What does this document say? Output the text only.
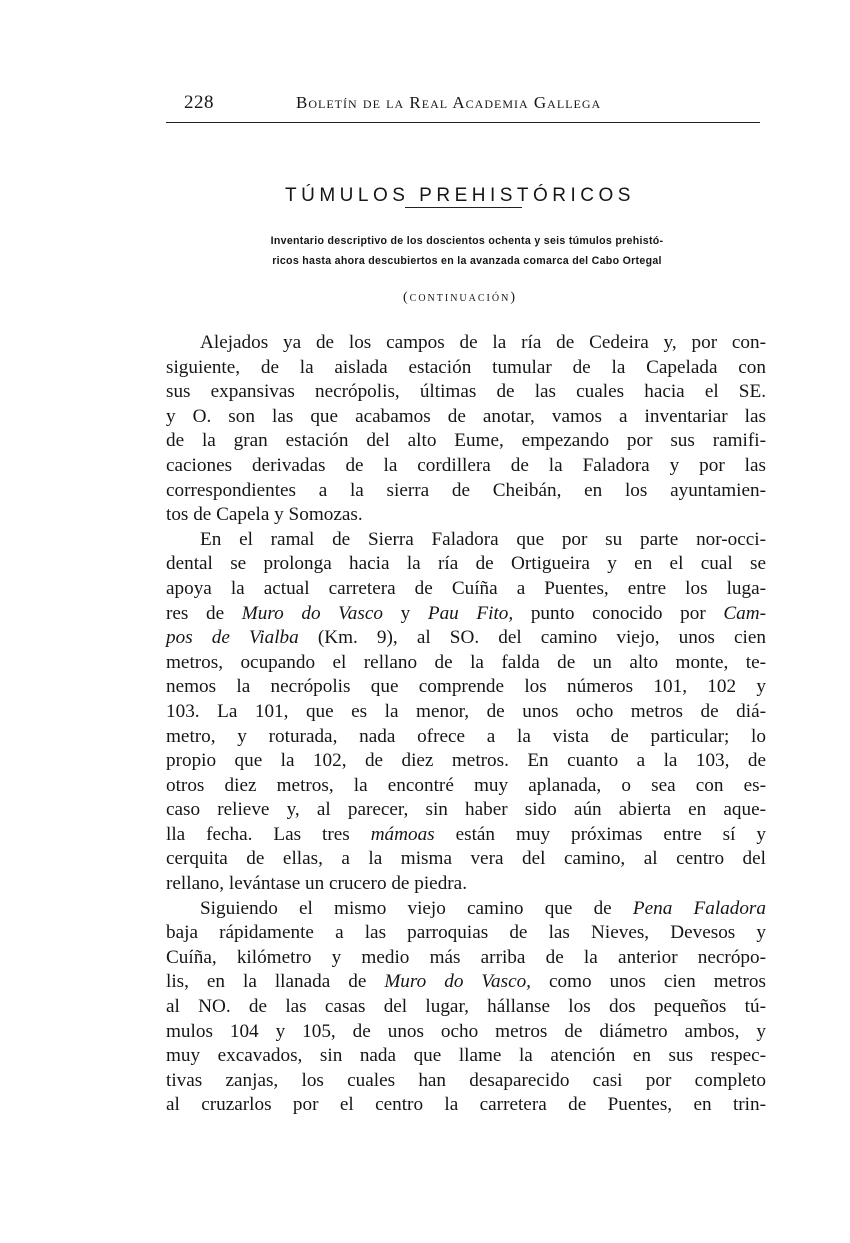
228	Boletín de la Real Academia Gallega
TÚMULOS PREHISTÓRICOS
Inventario descriptivo de los doscientos ochenta y seis túmulos prehistó-
ricos hasta ahora descubiertos en la avanzada comarca del Cabo Ortegal
(continuación)
Alejados ya de los campos de la ría de Cedeira y, por con-
siguiente, de la aislada estación tumular de la Capelada con
sus expansivas necrópolis, últimas de las cuales hacia el SE.
y O. son las que acabamos de anotar, vamos a inventariar las
de la gran estación del alto Eume, empezando por sus ramifi-
caciones derivadas de la cordillera de la Faladora y por las
correspondientes a la sierra de Cheibán, en los ayuntamien-
tos de Capela y Somozas.
En el ramal de Sierra Faladora que por su parte nor-occi-
dental se prolonga hacia la ría de Ortigueira y en el cual se
apoya la actual carretera de Cuíña a Puentes, entre los luga-
res de Muro do Vasco y Pau Fito, punto conocido por Cam-
pos de Vialba (Km. 9), al SO. del camino viejo, unos cien
metros, ocupando el rellano de la falda de un alto monte, te-
nemos la necrópolis que comprende los números 101, 102 y
103. La 101, que es la menor, de unos ocho metros de diá-
metro, y roturada, nada ofrece a la vista de particular; lo
propio que la 102, de diez metros. En cuanto a la 103, de
otros diez metros, la encontré muy aplanada, o sea con es-
caso relieve y, al parecer, sin haber sido aún abierta en aque-
lla fecha. Las tres mámoas están muy próximas entre sí y
cerquita de ellas, a la misma vera del camino, al centro del
rellano, levántase un crucero de piedra.
Siguiendo el mismo viejo camino que de Pena Faladora
baja rápidamente a las parroquias de las Nieves, Devesos y
Cuíña, kilómetro y medio más arriba de la anterior necrópo-
lis, en la llanada de Muro do Vasco, como unos cien metros
al NO. de las casas del lugar, hállanse los dos pequeños tú-
mulos 104 y 105, de unos ocho metros de diámetro ambos, y
muy excavados, sin nada que llame la atención en sus respec-
tivas zanjas, los cuales han desaparecido casi por completo
al cruzarlos por el centro la carretera de Puentes, en trin-
